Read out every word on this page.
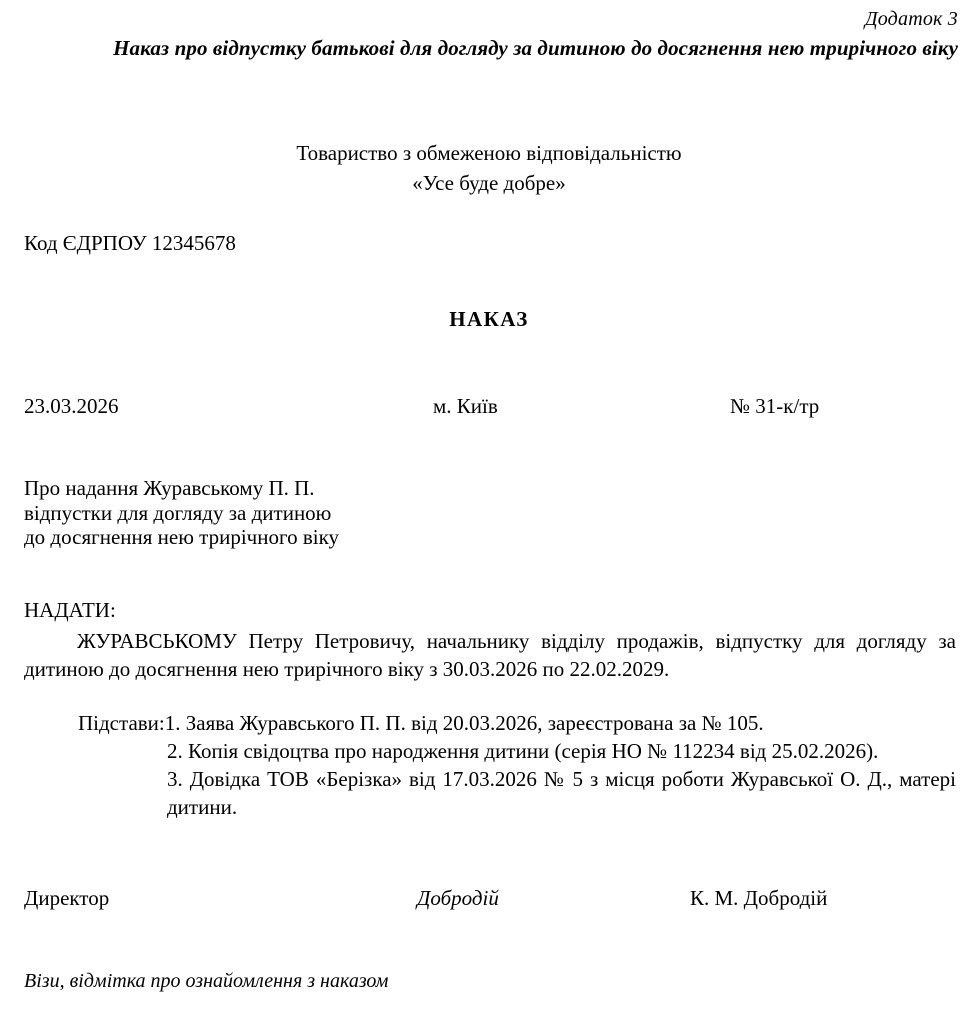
Додаток 3
Наказ про відпустку батькові для догляду за дитиною до досягнення нею трирічного віку
Товариство з обмеженою відповідальністю
«Усе буде добре»
Код ЄДРПОУ 12345678
НАКАЗ
23.03.2026	м. Київ	№ 31-к/тр
Про надання Журавському П. П.
відпустки для догляду за дитиною
до досягнення нею трирічного віку
НАДАТИ:
ЖУРАВСЬКОМУ Петру Петровичу, начальнику відділу продажів, відпустку для догляду за дитиною до досягнення нею трирічного віку з 30.03.2026 по 22.02.2029.
Підстави:1. Заява Журавського П. П. від 20.03.2026, зареєстрована за № 105.
2. Копія свідоцтва про народження дитини (серія НО № 112234 від 25.02.2026).
3. Довідка ТОВ «Берізка» від 17.03.2026 № 5 з місця роботи Журавської О. Д., матері дитини.
Директор	Добродій	К. М. Добродій
Візи, відмітка про ознайомлення з наказом
